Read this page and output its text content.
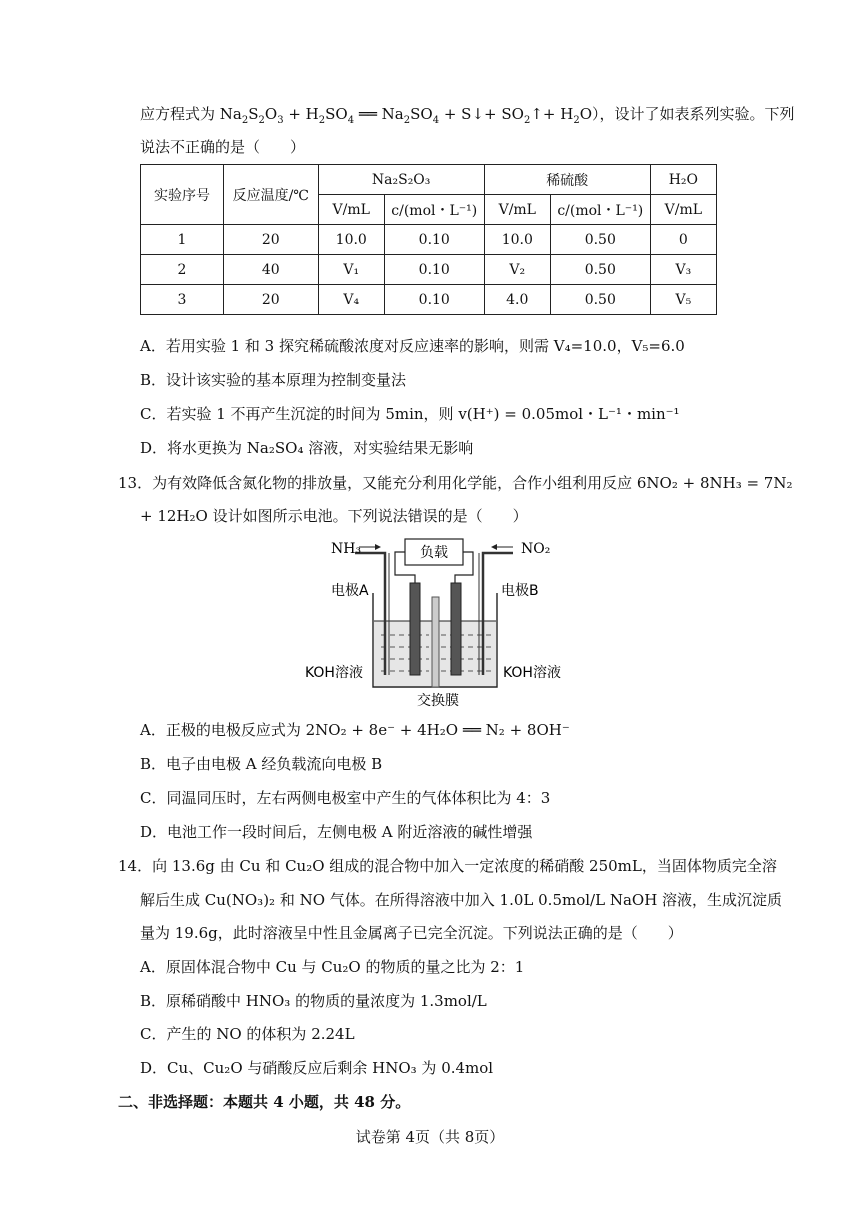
应方程式为 $Na_2S_2O_3 + H_2SO_4$ ══ $Na_2SO_4$ + S↓+ $SO_2↑+ H_2O$），设计了如表系列实验。下列
说法不正确的是（　　）
实验序号	反应温度/℃	Na₂S₂O₃		稀硫酸		H₂O
		V/mL	c/(mol・L⁻¹)	V/mL	c/(mol・L⁻¹)	V/mL
1	20	10.0	0.10	10.0	0.50	0
2	40	V₁	0.10	V₂	0.50	V₃
3	20	V₄	0.10	4.0	0.50	V₅
A．若用实验 1 和 3 探究稀硫酸浓度对反应速率的影响，则需 V₄=10.0，V₅=6.0
B．设计该实验的基本原理为控制变量法
C．若实验 1 不再产生沉淀的时间为 5min，则 v(H⁺) = 0.05mol・L⁻¹・min⁻¹
D．将水更换为 Na₂SO₄ 溶液，对实验结果无影响
13．为有效降低含氮化物的排放量，又能充分利用化学能，合作小组利用反应 6NO₂ + 8NH₃ = 7N₂
+ 12H₂O 设计如图所示电池。下列说法错误的是（　　）
负载
NH₃	NO₂
电极A	电极B
KOH溶液	KOH溶液
交换膜
A．正极的电极反应式为 2NO₂ + 8e⁻ + 4H₂O ══ N₂ + 8OH⁻
B．电子由电极 A 经负载流向电极 B
C．同温同压时，左右两侧电极室中产生的气体体积比为 4：3
D．电池工作一段时间后，左侧电极 A 附近溶液的碱性增强
14．向 13.6g 由 Cu 和 Cu₂O 组成的混合物中加入一定浓度的稀硝酸 250mL，当固体物质完全溶
解后生成 Cu(NO₃)₂ 和 NO 气体。在所得溶液中加入 1.0L 0.5mol/L NaOH 溶液，生成沉淀质
量为 19.6g，此时溶液呈中性且金属离子已完全沉淀。下列说法正确的是（　　）
A．原固体混合物中 Cu 与 Cu₂O 的物质的量之比为 2：1
B．原稀硝酸中 HNO₃ 的物质的量浓度为 1.3mol/L
C．产生的 NO 的体积为 2.24L
D．Cu、Cu₂O 与硝酸反应后剩余 HNO₃ 为 0.4mol
二、非选择题：本题共 4 小题，共 48 分。
试卷第 4页（共 8页）
